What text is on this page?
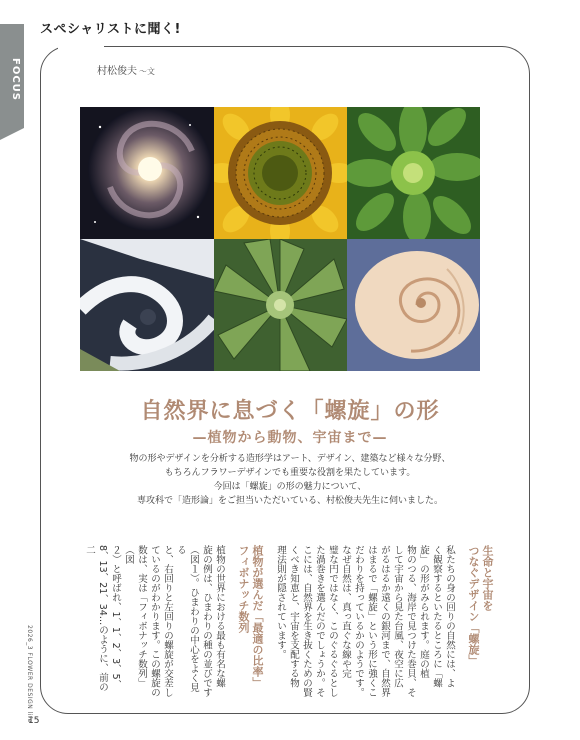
スペシャリストに聞く!
FOCUS	村松俊夫 〜文
自然界に息づく「螺旋」の形
—植物から動物、宇宙まで—
物の形やデザインを分析する造形学はアート、デザイン、建築など様々な分野、
もちろんフラワーデザインでも重要な役割を果たしています。
今回は「螺旋」の形の魅力について、
専攻科で「造形論」をご担当いただいている、村松俊夫先生に伺いました。
生命と宇宙を
つなぐデザイン「螺旋」
私たちの身の回りの自然には、よ
く観察するといたるところに「螺
旋」の形がみられます。庭の植
物のつる、海岸で見つけた巻貝、そ
して宇宙から見た台風、夜空に広
がるはるか遠くの銀河まで、自然界
はまるで「螺旋」という形に強くこ
だわりを持っているかのようです。
なぜ自然は、真っ直ぐな線や完
璧な円ではなく、このぐるぐるとし
た渦巻きを選んだのでしょうか。そ
こには、自然界を生き抜くための賢
くべき知恵と、宇宙を支配する物
理法則が隠されています。
植物が選んだ「最適の比率」
フィボナッチ数列
植物の世界における最も有名な螺
旋の例は、ひまわりの種の並びです
（図１）。ひまわりの中心をよく見る
と、右回りと左回りの螺旋が交差し
ているのがわかります。この螺旋の
数は、実は「フィボナッチ数列」（図
２）と呼ばれ、1、1、2、3、5、
8、13、21、34…のように、前の二
2026_3 FLOWER DESIGN life
15
